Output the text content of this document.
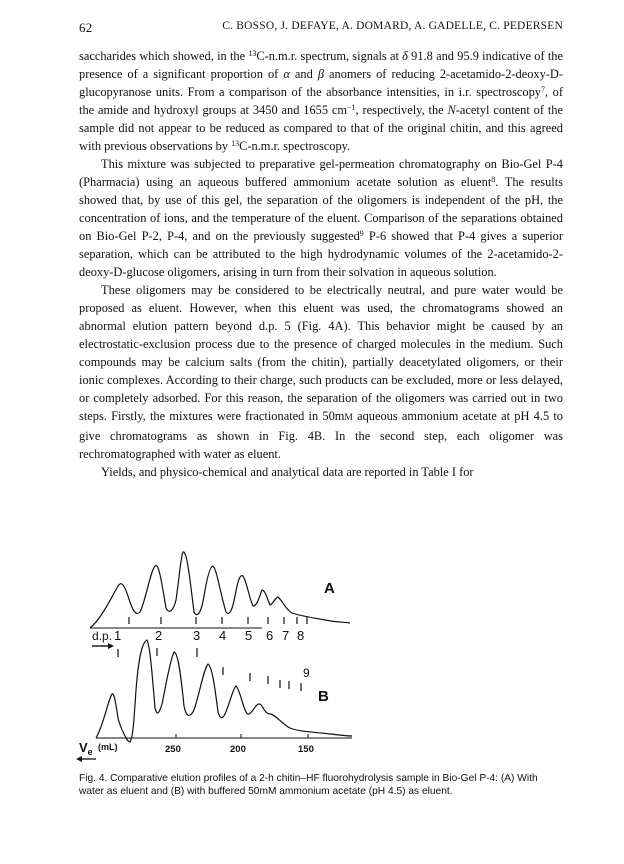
62	C. BOSSO, J. DEFAYE, A. DOMARD, A. GADELLE, C. PEDERSEN

saccharides which showed, in the $^{13}$C-n.m.r. spectrum, signals at δ 91.8 and 95.9 indicative of the presence of a significant proportion of α and β anomers of reducing 2-acetamido-2-deoxy-D-glucopyranose units. From a comparison of the absorbance intensities, in i.r. spectroscopy$^7$, of the amide and hydroxyl groups at 3450 and 1655 $cm^{-1}$, respectively, the N-acetyl content of the sample did not appear to be reduced as compared to that of the original chitin, and this agreed with previous observations by $^{13}$C-n.m.r. spectroscopy.

This mixture was subjected to preparative gel-permeation chromatography on Bio-Gel P-4 (Pharmacia) using an aqueous buffered ammonium acetate solution as eluent$^8$. The results showed that, by use of this gel, the separation of the oligomers is independent of the pH, the concentration of ions, and the temperature of the eluent. Comparison of the separations obtained on Bio-Gel P-2, P-4, and on the previously suggested$^9$ P-6 showed that P-4 gives a superior separation, which can be attributed to the high hydrodynamic volumes of the 2-acetamido-2-deoxy-D-glucose oligomers, arising in turn from their solvation in aqueous solution.

These oligomers may be considered to be electrically neutral, and pure water would be proposed as eluent. However, when this eluent was used, the chromatograms showed an abnormal elution pattern beyond d.p. 5 (Fig. 4A). This behavior might be caused by an electrostatic-exclusion process due to the presence of charged molecules in the medium. Such compounds may be calcium salts (from the chitin), partially deacetylated oligomers, or their ionic complexes. According to their charge, such products can be excluded, more or less delayed, or completely adsorbed. For this reason, the separation of the oligomers was carried out in two steps. Firstly, the mixtures were fractionated in 50mM aqueous ammonium acetate at pH 4.5 to give chromatograms as shown in Fig. 4B. In the second step, each oligomer was rechromatographed with water as eluent.

Yields, and physico-chemical and analytical data are reported in Table I for

A
d.p. 1	2 3 4 5 6 7 8
9
B
$V_e$ (mL)	250	200	150
Fig. 4. Comparative elution profiles of a 2-h chitin–HF fluorohydrolysis sample in Bio-Gel P-4: (A) With water as eluent and (B) with buffered 50mM ammonium acetate (pH 4.5) as eluent.
